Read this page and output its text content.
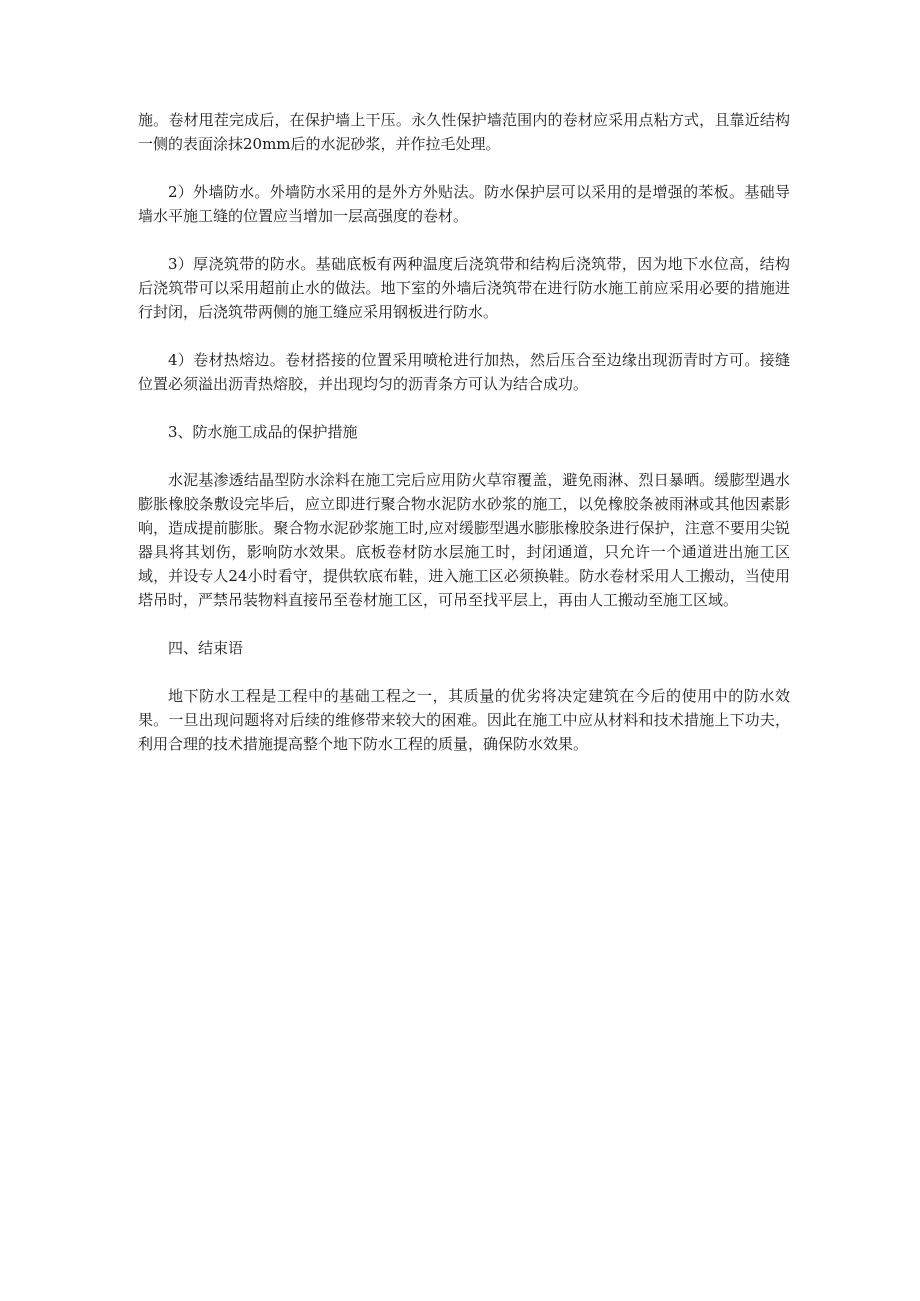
施。卷材甩茬完成后，在保护墙上干压。永久性保护墙范围内的卷材应采用点粘方式，且靠近结构一侧的表面涂抹20mm后的水泥砂浆，并作拉毛处理。

2）外墙防水。外墙防水采用的是外方外贴法。防水保护层可以采用的是增强的苯板。基础导墙水平施工缝的位置应当增加一层高强度的卷材。

3）厚浇筑带的防水。基础底板有两种温度后浇筑带和结构后浇筑带，因为地下水位高，结构后浇筑带可以采用超前止水的做法。地下室的外墙后浇筑带在进行防水施工前应采用必要的措施进行封闭，后浇筑带两侧的施工缝应采用钢板进行防水。

4）卷材热熔边。卷材搭接的位置采用喷枪进行加热，然后压合至边缘出现沥青时方可。接缝位置必须溢出沥青热熔胶，并出现均匀的沥青条方可认为结合成功。

3、防水施工成品的保护措施

水泥基渗透结晶型防水涂料在施工完后应用防火草帘覆盖，避免雨淋、烈日暴晒。缓膨型遇水膨胀橡胶条敷设完毕后，应立即进行聚合物水泥防水砂浆的施工，以免橡胶条被雨淋或其他因素影响，造成提前膨胀。聚合物水泥砂浆施工时,应对缓膨型遇水膨胀橡胶条进行保护，注意不要用尖锐器具将其划伤，影响防水效果。底板卷材防水层施工时，封闭通道，只允许一个通道进出施工区域，并设专人24小时看守，提供软底布鞋，进入施工区必须换鞋。防水卷材采用人工搬动，当使用塔吊时，严禁吊装物料直接吊至卷材施工区，可吊至找平层上，再由人工搬动至施工区域。

四、结束语

地下防水工程是工程中的基础工程之一，其质量的优劣将决定建筑在今后的使用中的防水效果。一旦出现问题将对后续的维修带来较大的困难。因此在施工中应从材料和技术措施上下功夫，利用合理的技术措施提高整个地下防水工程的质量，确保防水效果。
